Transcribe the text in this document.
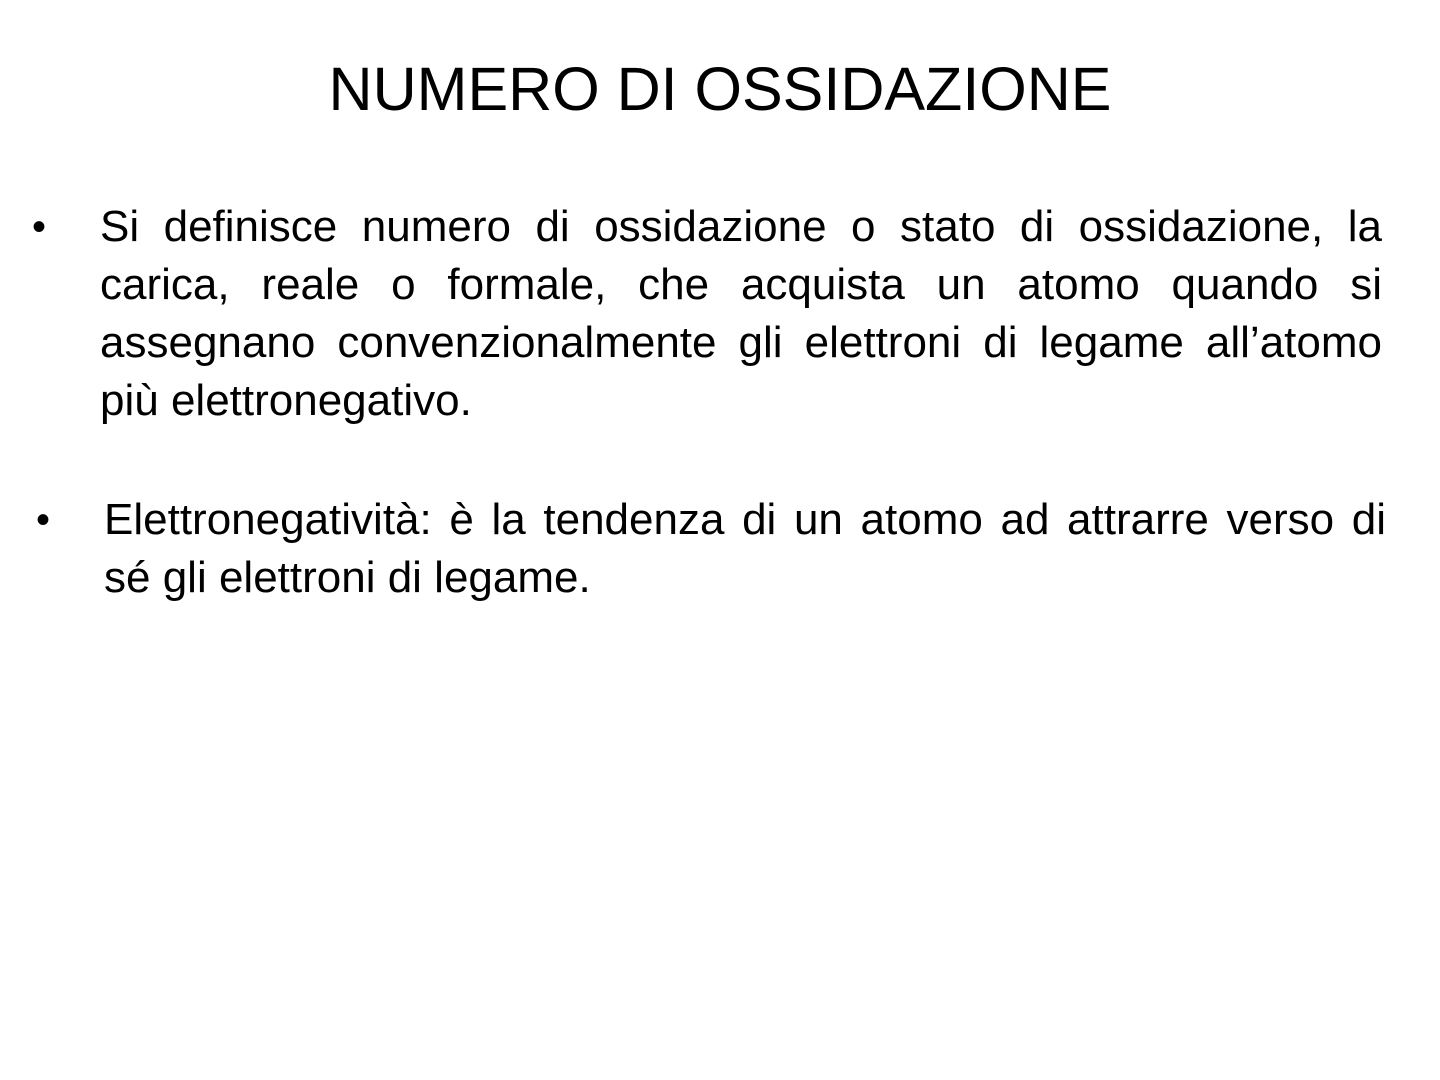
NUMERO DI OSSIDAZIONE
•	Si definisce numero di ossidazione o stato di ossidazione, la carica, reale o formale, che acquista un atomo quando si assegnano convenzionalmente gli elettroni di legame all’atomo più elettronegativo.
•	Elettronegatività: è la tendenza di un atomo ad attrarre verso di sé gli elettroni di legame.
